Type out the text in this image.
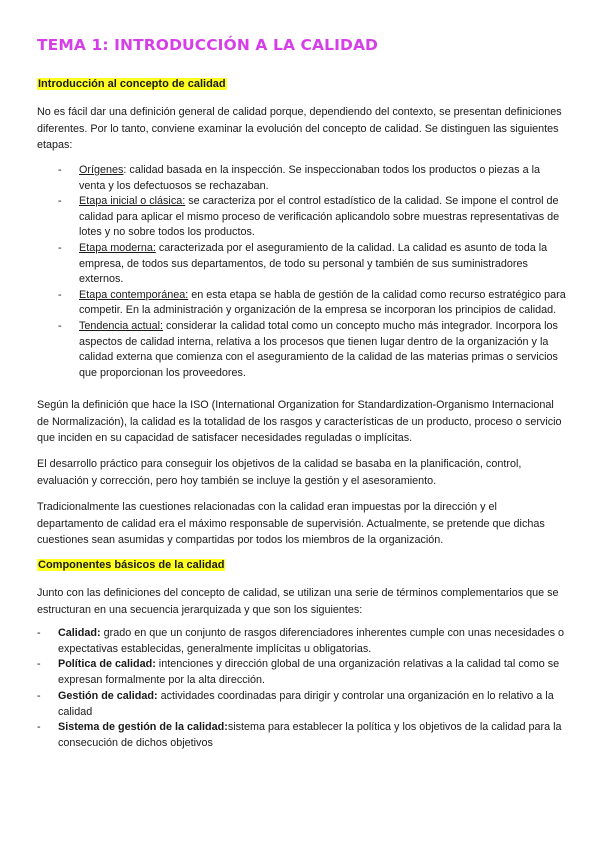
TEMA 1: INTRODUCCIÓN A LA CALIDAD
Introducción al concepto de calidad

No es fácil dar una definición general de calidad porque, dependiendo del contexto, se presentan definiciones diferentes. Por lo tanto, conviene examinar la evolución del concepto de calidad. Se distinguen las siguientes etapas:

- Orígenes: calidad basada en la inspección. Se inspeccionaban todos los productos o piezas a la venta y los defectuosos se rechazaban.
- Etapa inicial o clásica: se caracteriza por el control estadístico de la calidad. Se impone el control de calidad para aplicar el mismo proceso de verificación aplicandolo sobre muestras representativas de lotes y no sobre todos los productos.
- Etapa moderna: caracterizada por el aseguramiento de la calidad. La calidad es asunto de toda la empresa, de todos sus departamentos, de todo su personal y también de sus suministradores externos.
- Etapa contemporánea: en esta etapa se habla de gestión de la calidad como recurso estratégico para competir. En la administración y organización de la empresa se incorporan los principios de calidad.
- Tendencia actual: considerar la calidad total como un concepto mucho más integrador. Incorpora los aspectos de calidad interna, relativa a los procesos que tienen lugar dentro de la organización y la calidad externa que comienza con el aseguramiento de la calidad de las materias primas o servicios que proporcionan los proveedores.

Según la definición que hace la ISO (International Organization for Standardization-Organismo Internacional de Normalización), la calidad es la totalidad de los rasgos y características de un producto, proceso o servicio que inciden en su capacidad de satisfacer necesidades reguladas o implícitas.

El desarrollo práctico para conseguir los objetivos de la calidad se basaba en la planificación, control, evaluación y corrección, pero hoy también se incluye la gestión y el asesoramiento.

Tradicionalmente las cuestiones relacionadas con la calidad eran impuestas por la dirección y el departamento de calidad era el máximo responsable de supervisión. Actualmente, se pretende que dichas cuestiones sean asumidas y compartidas por todos los miembros de la organización.

Componentes básicos de la calidad

Junto con las definiciones del concepto de calidad, se utilizan una serie de términos complementarios que se estructuran en una secuencia jerarquizada y que son los siguientes:

- Calidad: grado en que un conjunto de rasgos diferenciadores inherentes cumple con unas necesidades o expectativas establecidas, generalmente implícitas u obligatorias.
- Política de calidad: intenciones y dirección global de una organización relativas a la calidad tal como se expresan formalmente por la alta dirección.
- Gestión de calidad: actividades coordinadas para dirigir y controlar una organización en lo relativo a la calidad
- Sistema de gestión de la calidad:sistema para establecer la política y los objetivos de la calidad para la consecución de dichos objetivos
